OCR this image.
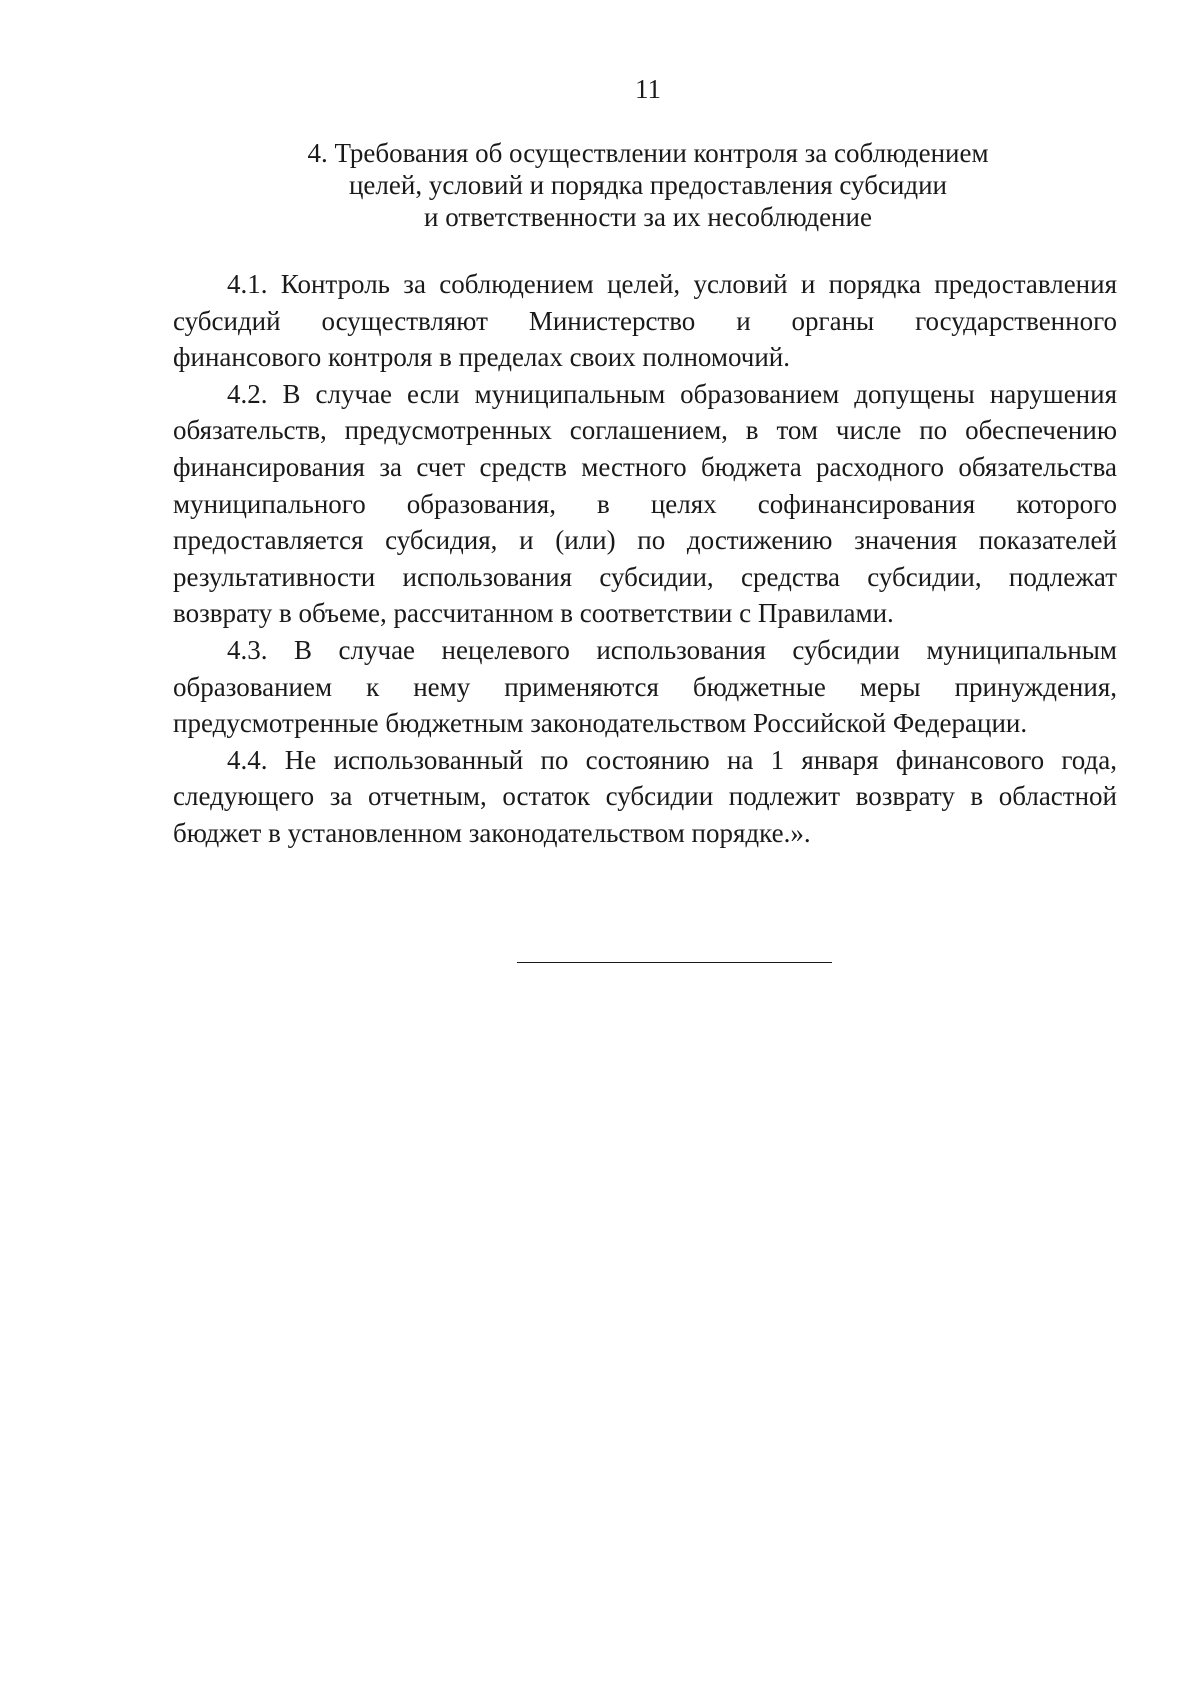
11
4. Требования об осуществлении контроля за соблюдением
целей, условий и порядка предоставления субсидии
и ответственности за их несоблюдение
4.1. Контроль за соблюдением целей, условий и порядка предоставления
субсидий осуществляют Министерство и органы государственного
финансового контроля в пределах своих полномочий.
4.2. В случае если муниципальным образованием допущены нарушения
обязательств, предусмотренных соглашением, в том числе по обеспечению
финансирования за счет средств местного бюджета расходного обязательства
муниципального образования, в целях софинансирования которого
предоставляется субсидия, и (или) по достижению значения показателей
результативности использования субсидии, средства субсидии, подлежат
возврату в объеме, рассчитанном в соответствии с Правилами.
4.3. В случае нецелевого использования субсидии муниципальным
образованием к нему применяются бюджетные меры принуждения,
предусмотренные бюджетным законодательством Российской Федерации.
4.4. Не использованный по состоянию на 1 января финансового года,
следующего за отчетным, остаток субсидии подлежит возврату в областной
бюджет в установленном законодательством порядке.».
